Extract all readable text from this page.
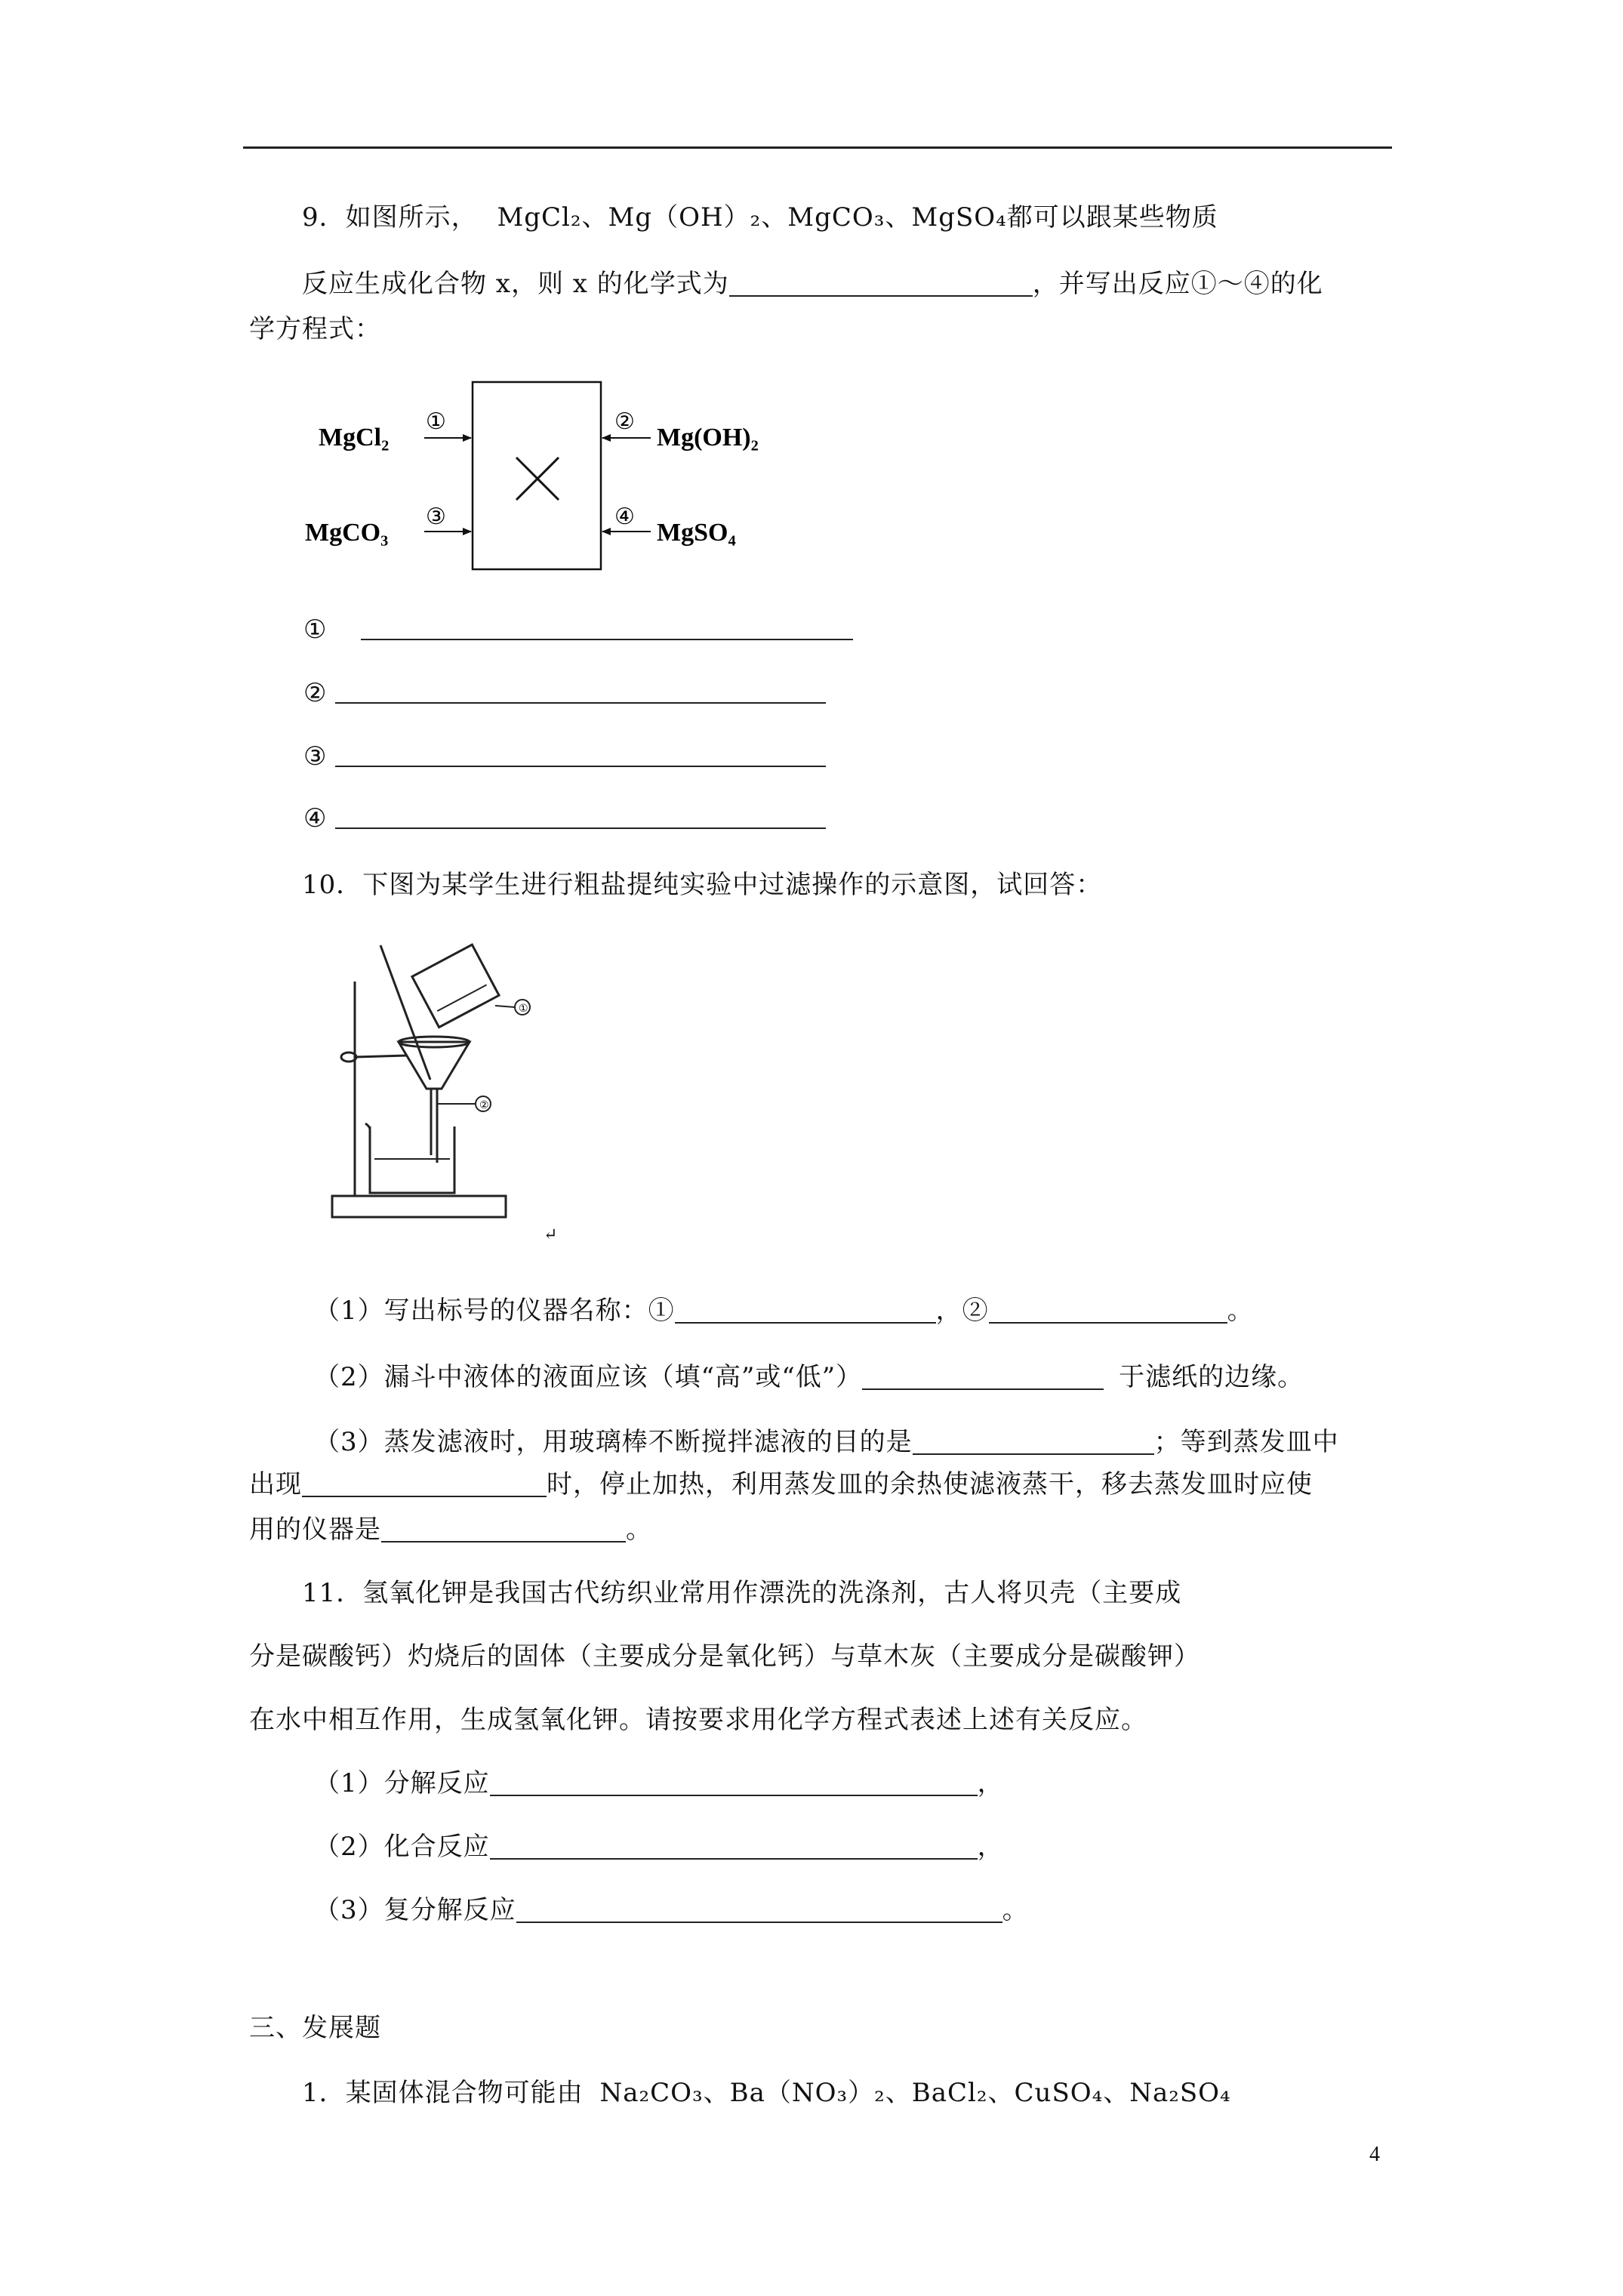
9．如图所示， MgCl₂、Mg（OH）₂、MgCO₃、MgSO₄都可以跟某些物质
反应生成化合物 x，则 x 的化学式为	，并写出反应①～④的化
学方程式：
①
③
②
④
MgCl₂
MgCO₃
Mg(OH)₂
MgSO₄
①
②
③
④
10．下图为某学生进行粗盐提纯实验中过滤操作的示意图，试回答：
①
②
↵
（1）写出标号的仪器名称：①	，②	。
（2）漏斗中液体的液面应该（填“高”或“低”）	于滤纸的边缘。
（3）蒸发滤液时，用玻璃棒不断搅拌滤液的目的是	；等到蒸发皿中
出现	时，停止加热，利用蒸发皿的余热使滤液蒸干，移去蒸发皿时应使
用的仪器是	。
11．氢氧化钾是我国古代纺织业常用作漂洗的洗涤剂，古人将贝壳（主要成
分是碳酸钙）灼烧后的固体（主要成分是氧化钙）与草木灰（主要成分是碳酸钾）
在水中相互作用，生成氢氧化钾。请按要求用化学方程式表述上述有关反应。
（1）分解反应	，
（2）化合反应	，
（3）复分解反应	。
三、发展题
1．某固体混合物可能由 Na₂CO₃、Ba（NO₃）₂、BaCl₂、CuSO₄、Na₂SO₄
4
